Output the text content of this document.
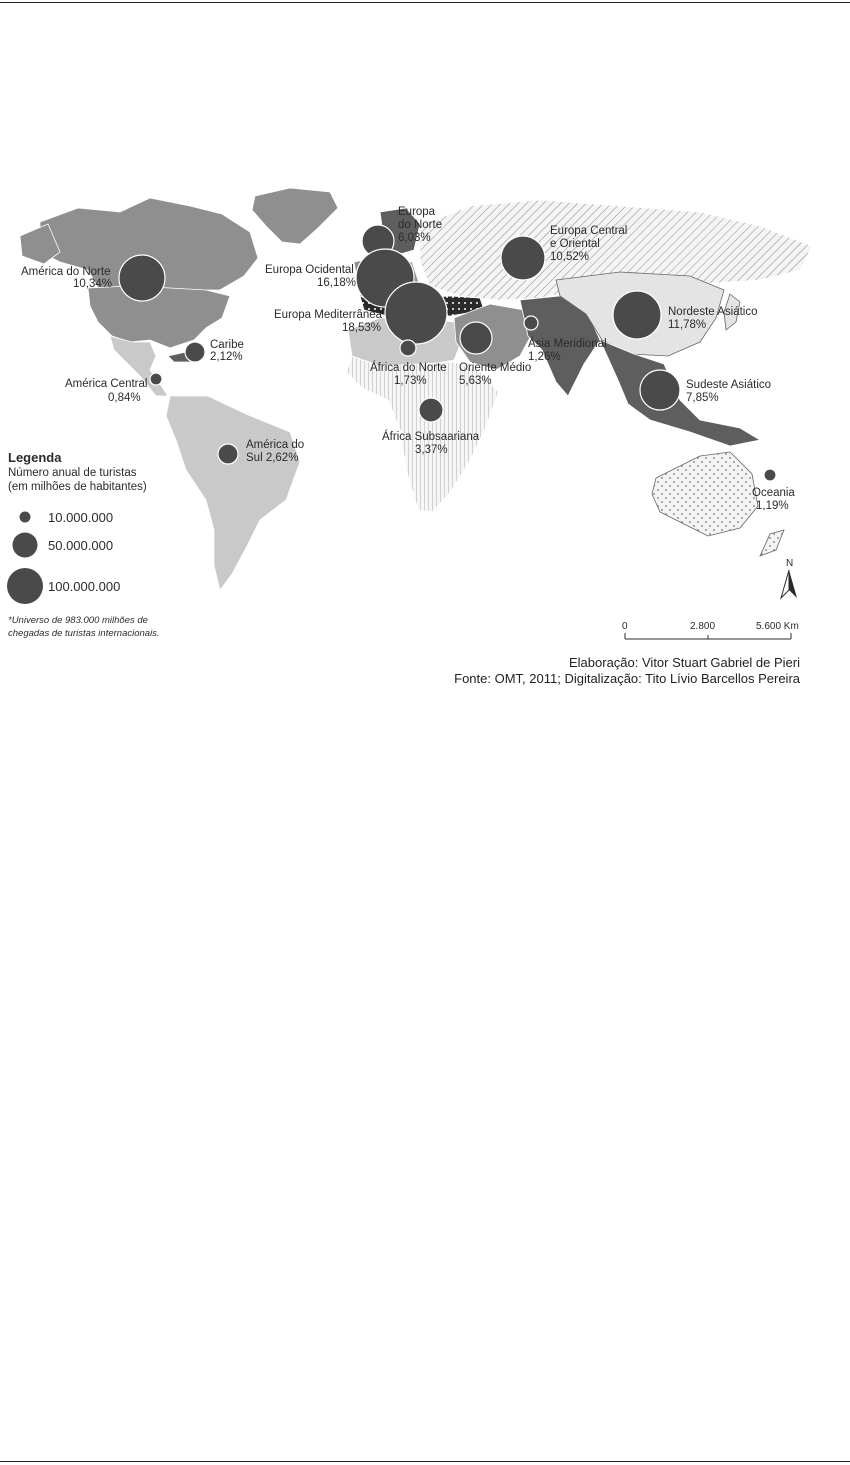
América do Norte
10,34%
Caribe
2,12%
América Central
0,84%
América do
Sul 2,62%
Europa
do Norte
6,03%
Europa Ocidental
16,18%
Europa Mediterrânea
18,53%
Europa Central
e Oriental
10,52%
África do Norte
1,73%
África Subsaariana
3,37%
Oriente Médio
5,63%
Ásia Meridional
1,26%
Nordeste Asiático
11,78%
Sudeste Asiático
7,85%
Oceania
1,19%
Legenda
Número anual de turistas
(em milhões de habitantes)
10.000.000
50.000.000
100.000.000
*Universo de 983.000 milhões de
chegadas de turistas internacionais.
N
0	2.800	5.600 Km
Elaboração: Vitor Stuart Gabriel de Pieri
Fonte: OMT, 2011; Digitalização: Tito Lívio Barcellos Pereira
